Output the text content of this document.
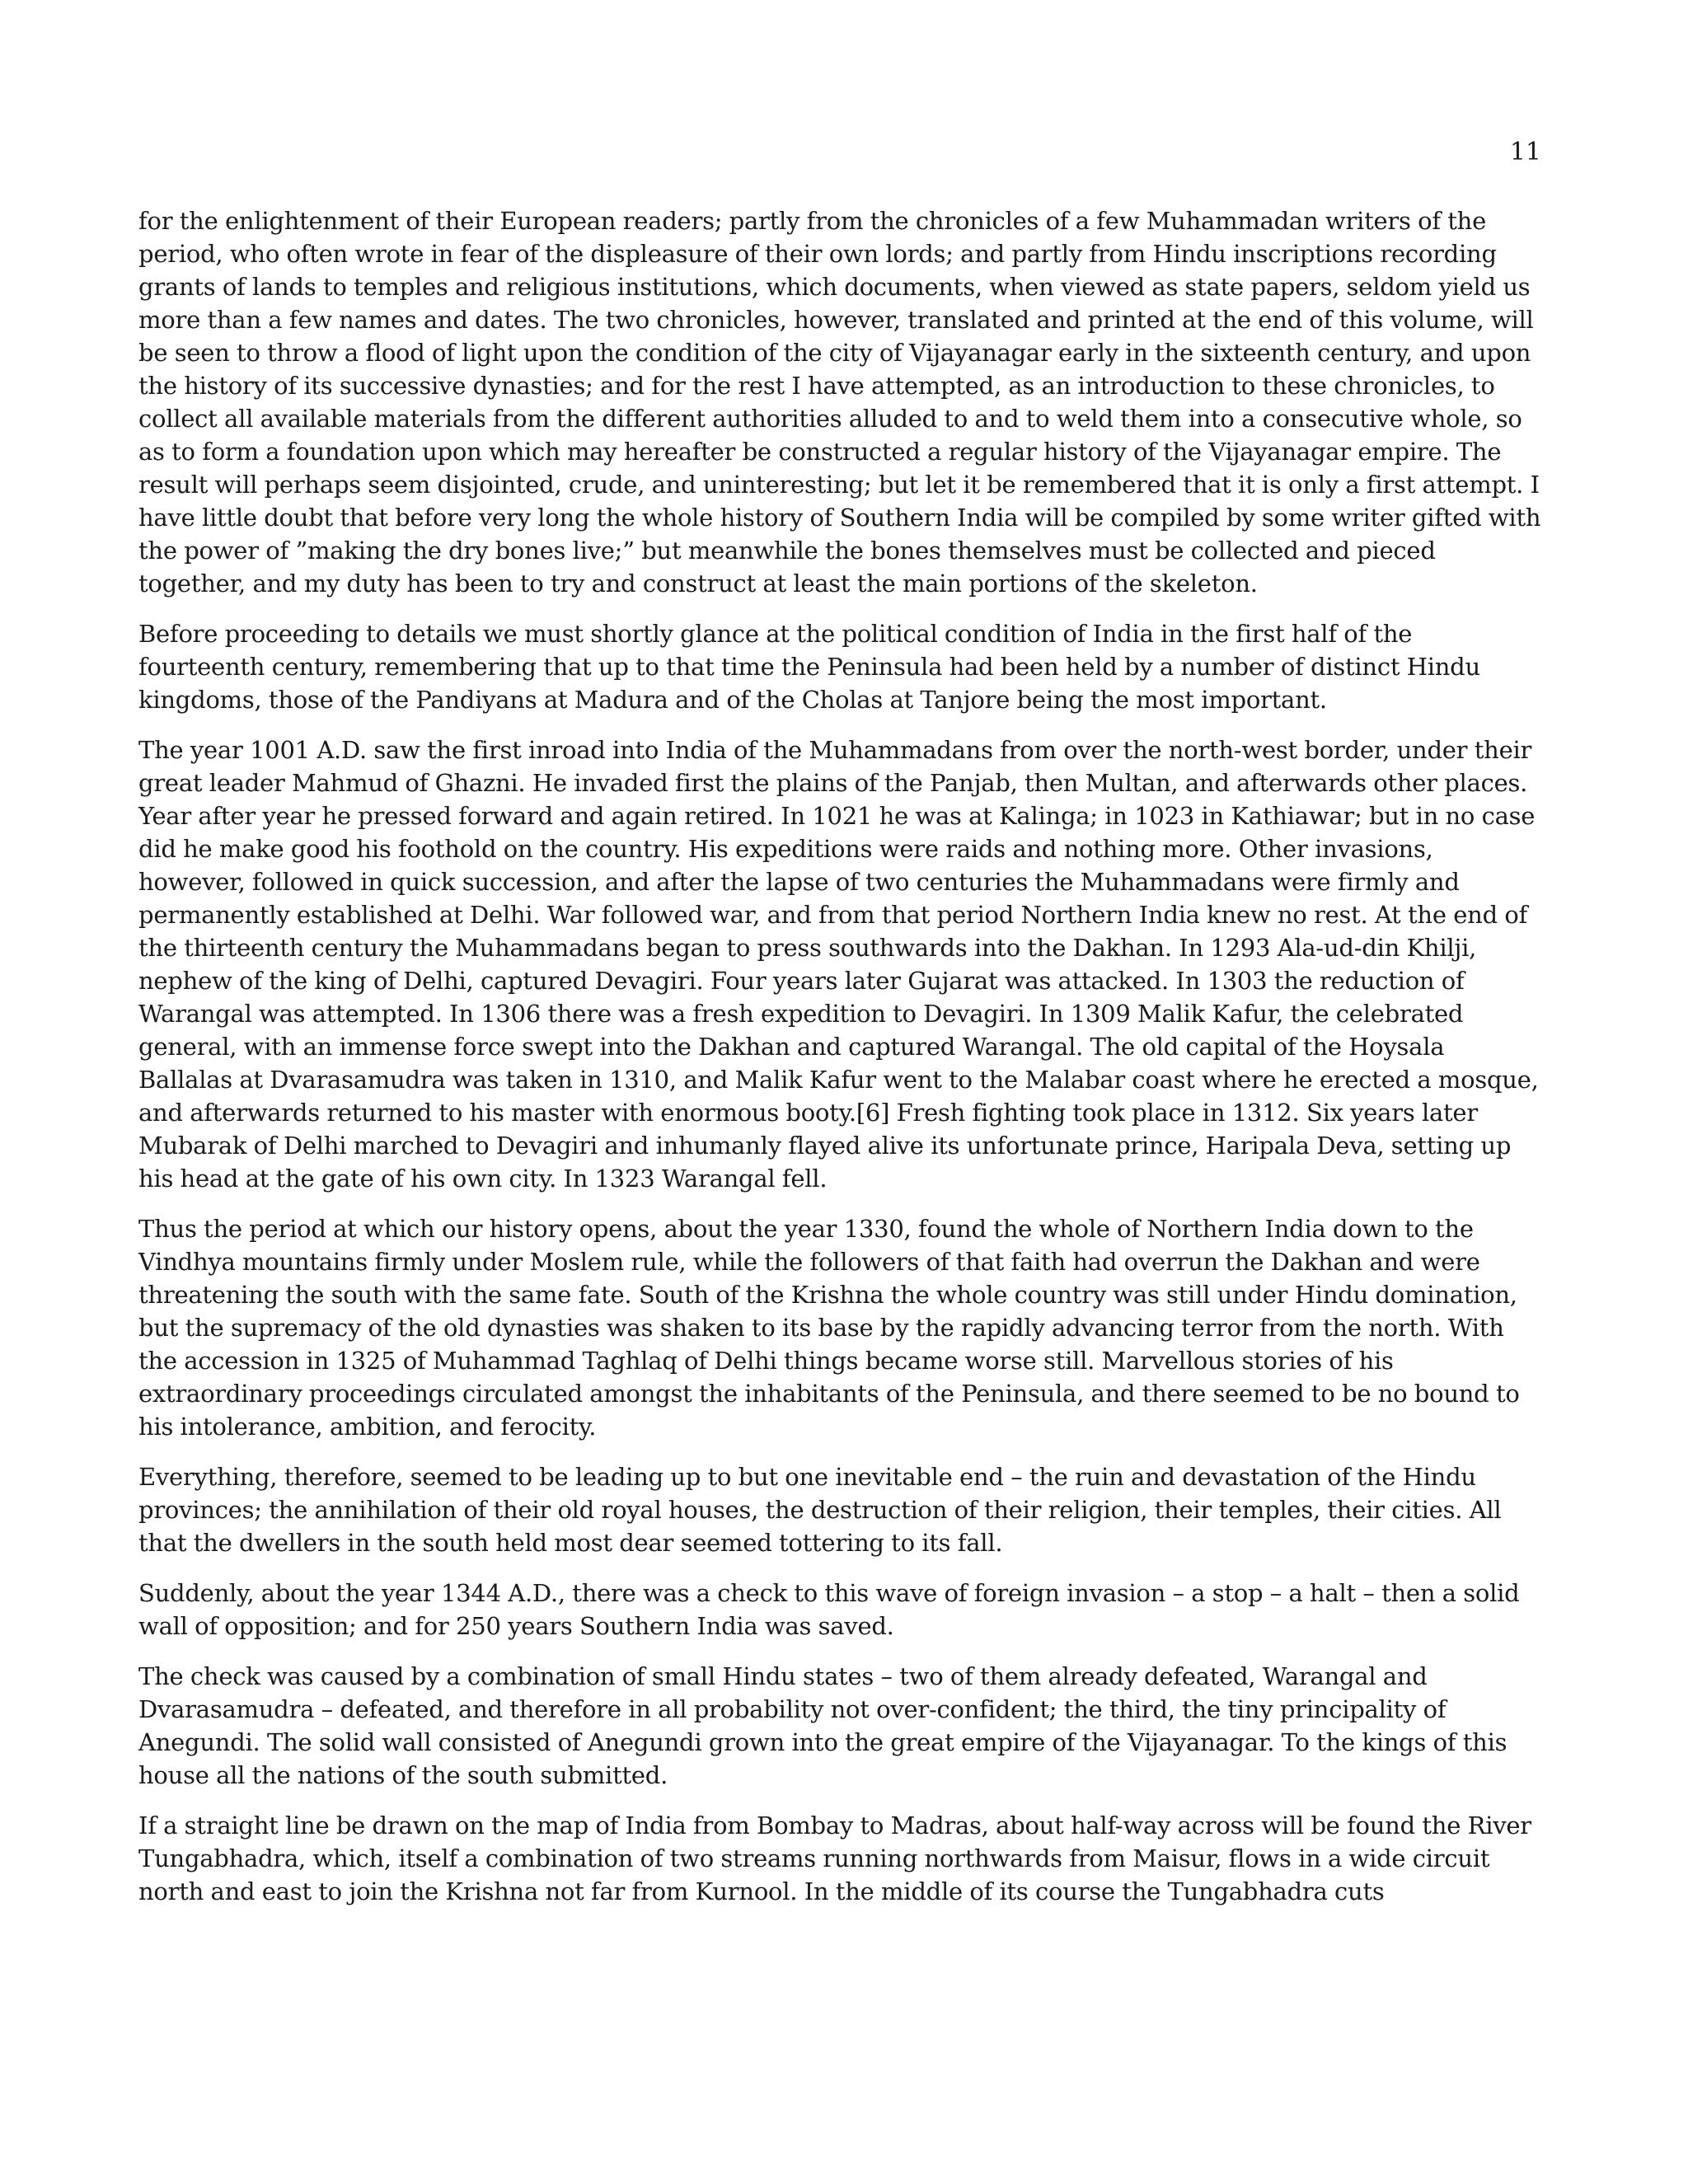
11

for the enlightenment of their European readers; partly from the chronicles of a few Muhammadan writers of the period, who often wrote in fear of the displeasure of their own lords; and partly from Hindu inscriptions recording grants of lands to temples and religious institutions, which documents, when viewed as state papers, seldom yield us more than a few names and dates. The two chronicles, however, translated and printed at the end of this volume, will be seen to throw a flood of light upon the condition of the city of Vijayanagar early in the sixteenth century, and upon the history of its successive dynasties; and for the rest I have attempted, as an introduction to these chronicles, to collect all available materials from the different authorities alluded to and to weld them into a consecutive whole, so as to form a foundation upon which may hereafter be constructed a regular history of the Vijayanagar empire. The result will perhaps seem disjointed, crude, and uninteresting; but let it be remembered that it is only a first attempt. I have little doubt that before very long the whole history of Southern India will be compiled by some writer gifted with the power of ”making the dry bones live;” but meanwhile the bones themselves must be collected and pieced together, and my duty has been to try and construct at least the main portions of the skeleton.

Before proceeding to details we must shortly glance at the political condition of India in the first half of the fourteenth century, remembering that up to that time the Peninsula had been held by a number of distinct Hindu kingdoms, those of the Pandiyans at Madura and of the Cholas at Tanjore being the most important.

The year 1001 A.D. saw the first inroad into India of the Muhammadans from over the north-west border, under their great leader Mahmud of Ghazni. He invaded first the plains of the Panjab, then Multan, and afterwards other places. Year after year he pressed forward and again retired. In 1021 he was at Kalinga; in 1023 in Kathiawar; but in no case did he make good his foothold on the country. His expeditions were raids and nothing more. Other invasions, however, followed in quick succession, and after the lapse of two centuries the Muhammadans were firmly and permanently established at Delhi. War followed war, and from that period Northern India knew no rest. At the end of the thirteenth century the Muhammadans began to press southwards into the Dakhan. In 1293 Ala-ud-din Khilji, nephew of the king of Delhi, captured Devagiri. Four years later Gujarat was attacked. In 1303 the reduction of Warangal was attempted. In 1306 there was a fresh expedition to Devagiri. In 1309 Malik Kafur, the celebrated general, with an immense force swept into the Dakhan and captured Warangal. The old capital of the Hoysala Ballalas at Dvarasamudra was taken in 1310, and Malik Kafur went to the Malabar coast where he erected a mosque, and afterwards returned to his master with enormous booty.[6] Fresh fighting took place in 1312. Six years later Mubarak of Delhi marched to Devagiri and inhumanly flayed alive its unfortunate prince, Haripala Deva, setting up his head at the gate of his own city. In 1323 Warangal fell.

Thus the period at which our history opens, about the year 1330, found the whole of Northern India down to the Vindhya mountains firmly under Moslem rule, while the followers of that faith had overrun the Dakhan and were threatening the south with the same fate. South of the Krishna the whole country was still under Hindu domination, but the supremacy of the old dynasties was shaken to its base by the rapidly advancing terror from the north. With the accession in 1325 of Muhammad Taghlaq of Delhi things became worse still. Marvellous stories of his extraordinary proceedings circulated amongst the inhabitants of the Peninsula, and there seemed to be no bound to his intolerance, ambition, and ferocity.

Everything, therefore, seemed to be leading up to but one inevitable end – the ruin and devastation of the Hindu provinces; the annihilation of their old royal houses, the destruction of their religion, their temples, their cities. All that the dwellers in the south held most dear seemed tottering to its fall.

Suddenly, about the year 1344 A.D., there was a check to this wave of foreign invasion – a stop – a halt – then a solid wall of opposition; and for 250 years Southern India was saved.

The check was caused by a combination of small Hindu states – two of them already defeated, Warangal and Dvarasamudra – defeated, and therefore in all probability not over-confident; the third, the tiny principality of Anegundi. The solid wall consisted of Anegundi grown into the great empire of the Vijayanagar. To the kings of this house all the nations of the south submitted.

If a straight line be drawn on the map of India from Bombay to Madras, about half-way across will be found the River Tungabhadra, which, itself a combination of two streams running northwards from Maisur, flows in a wide circuit north and east to join the Krishna not far from Kurnool. In the middle of its course the Tungabhadra cuts
